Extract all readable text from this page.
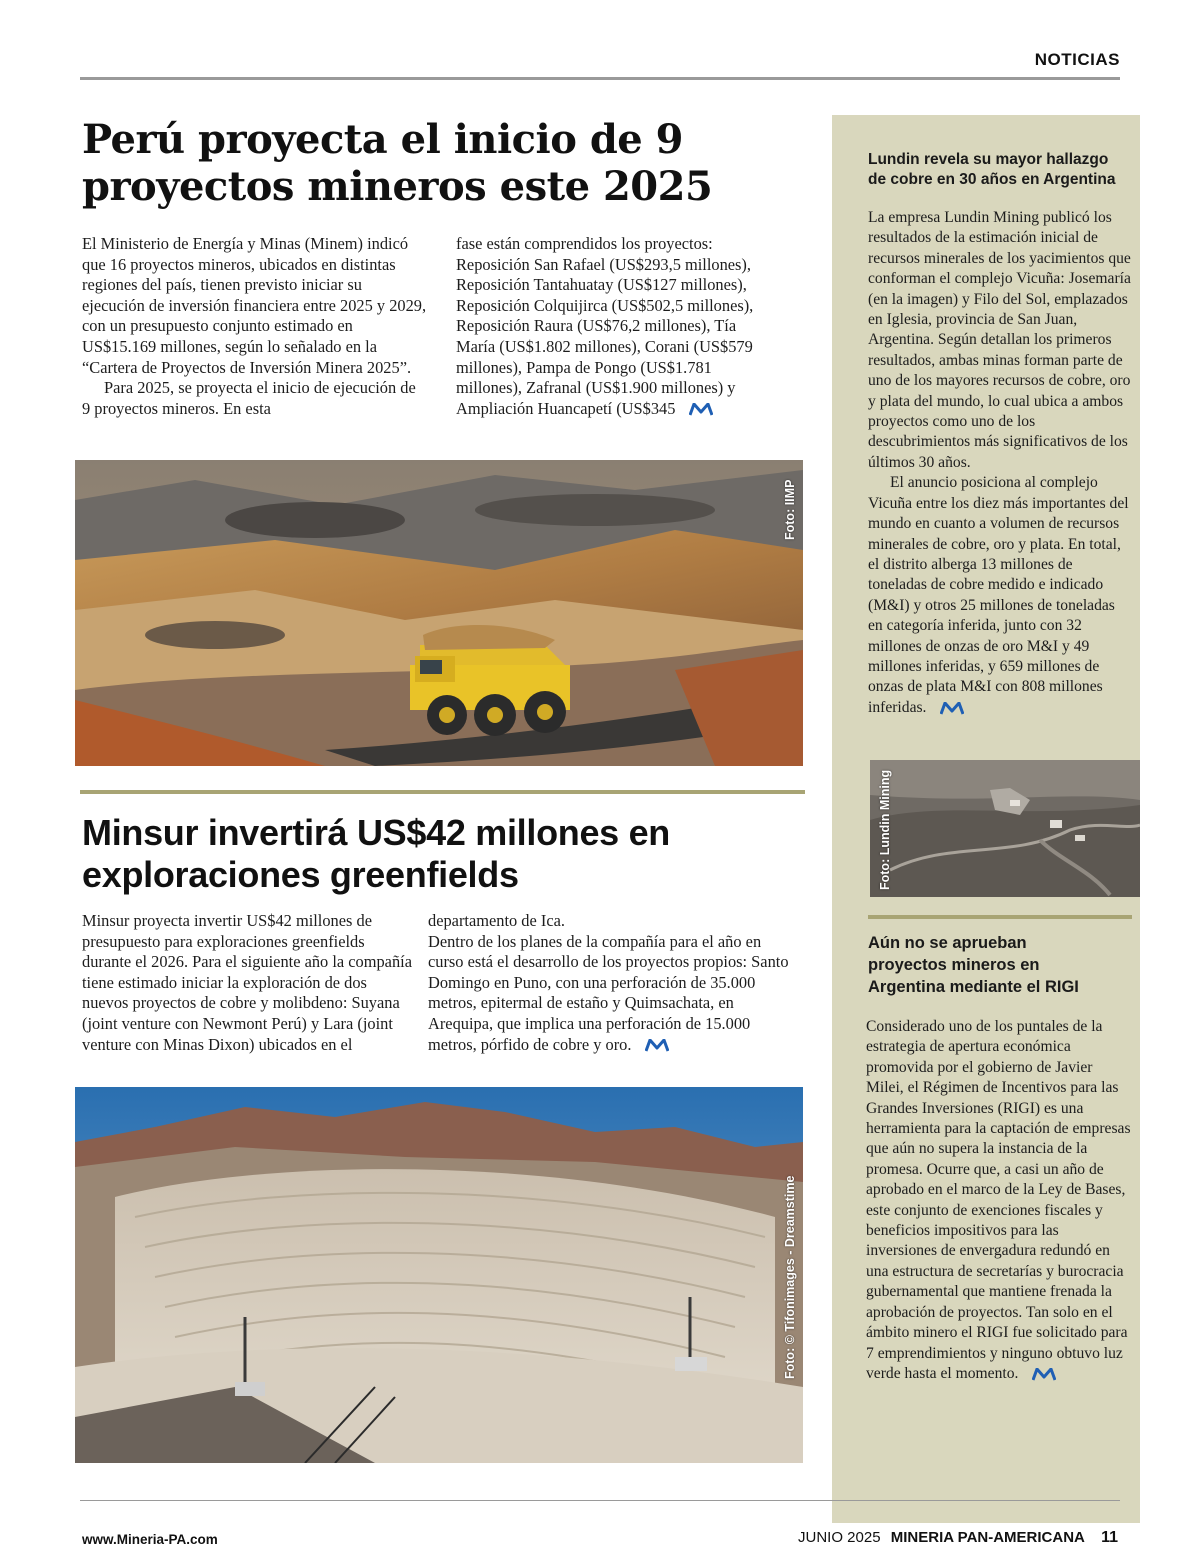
NOTICIAS
Perú proyecta el inicio de 9 proyectos mineros este 2025

El Ministerio de Energía y Minas (Minem) indicó que 16 proyectos mineros, ubicados en distintas regiones del país, tienen previsto iniciar su ejecución de inversión financiera entre 2025 y 2029, con un presupuesto conjunto estimado en US$15.169 millones, según lo señalado en la “Cartera de Proyectos de Inversión Minera 2025”.

Para 2025, se proyecta el inicio de ejecución de 9 proyectos mineros. En esta

fase están comprendidos los proyectos: Reposición San Rafael (US$293,5 millones), Reposición Tantahuatay (US$127 millones), Reposición Colquijirca (US$502,5 millones), Reposición Raura (US$76,2 millones), Tía María (US$1.802 millones), Corani (US$579 millones), Pampa de Pongo (US$1.781 millones), Zafranal (US$1.900 millones) y Ampliación Huancapetí (US$345

Foto: IIMP
Minsur invertirá US$42 millones en exploraciones greenfields

Minsur proyecta invertir US$42 millones de presupuesto para exploraciones greenfields durante el 2026. Para el siguiente año la compañía tiene estimado iniciar la exploración de dos nuevos proyectos de cobre y molibdeno: Suyana (joint venture con Newmont Perú) y Lara (joint venture con Minas Dixon) ubicados en el

departamento de Ica.

Dentro de los planes de la compañía para el año en curso está el desarrollo de los proyectos propios: Santo Domingo en Puno, con una perforación de 35.000 metros, epitermal de estaño y Quimsachata, en Arequipa, que implica una perforación de 15.000 metros, pórfido de cobre y oro.

Foto: © Tifonimages - Dreamstime
Lundin revela su mayor hallazgo de cobre en 30 años en Argentina

La empresa Lundin Mining publicó los resultados de la estimación inicial de recursos minerales de los yacimientos que conforman el complejo Vicuña: Josemaría (en la imagen) y Filo del Sol, emplazados en Iglesia, provincia de San Juan, Argentina. Según detallan los primeros resultados, ambas minas forman parte de uno de los mayores recursos de cobre, oro y plata del mundo, lo cual ubica a ambos proyectos como uno de los descubrimientos más significativos de los últimos 30 años.

El anuncio posiciona al complejo Vicuña entre los diez más importantes del mundo en cuanto a volumen de recursos minerales de cobre, oro y plata. En total, el distrito alberga 13 millones de toneladas de cobre medido e indicado (M&I) y otros 25 millones de toneladas en categoría inferida, junto con 32 millones de onzas de oro M&I y 49 millones inferidas, y 659 millones de onzas de plata M&I con 808 millones inferidas.

Foto: Lundin Mining
Aún no se aprueban proyectos mineros en Argentina mediante el RIGI

Considerado uno de los puntales de la estrategia de apertura económica promovida por el gobierno de Javier Milei, el Régimen de Incentivos para las Grandes Inversiones (RIGI) es una herramienta para la captación de empresas que aún no supera la instancia de la promesa. Ocurre que, a casi un año de aprobado en el marco de la Ley de Bases, este conjunto de exenciones fiscales y beneficios impositivos para las inversiones de envergadura redundó en una estructura de secretarías y burocracia gubernamental que mantiene frenada la aprobación de proyectos. Tan solo en el ámbito minero el RIGI fue solicitado para 7 emprendimientos y ninguno obtuvo luz verde hasta el momento.

www.Mineria-PA.com	JUNIO 2025 MINERIA PAN-AMERICANA 11
